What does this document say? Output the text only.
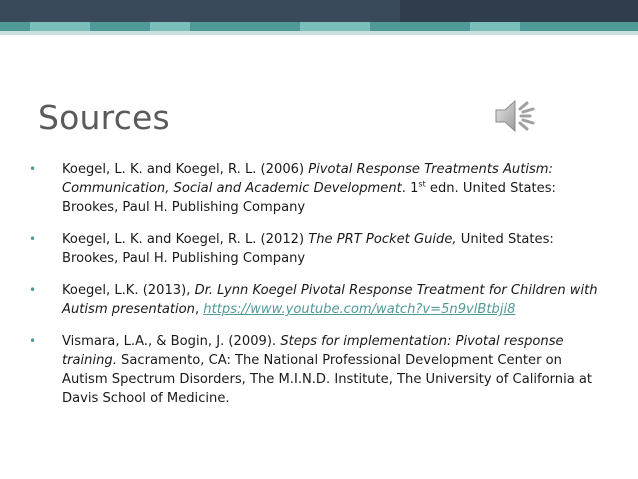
Sources
• Koegel, L. K. and Koegel, R. L. (2006) Pivotal Response Treatments Autism: Communication, Social and Academic Development. 1st edn. United States: Brookes, Paul H. Publishing Company
• Koegel, L. K. and Koegel, R. L. (2012) The PRT Pocket Guide, United States: Brookes, Paul H. Publishing Company
• Koegel, L.K. (2013), Dr. Lynn Koegel Pivotal Response Treatment for Children with Autism presentation, https://www.youtube.com/watch?v=5n9vlBtbji8
• Vismara, L.A., & Bogin, J. (2009). Steps for implementation: Pivotal response training. Sacramento, CA: The National Professional Development Center on Autism Spectrum Disorders, The M.I.N.D. Institute, The University of California at Davis School of Medicine.
